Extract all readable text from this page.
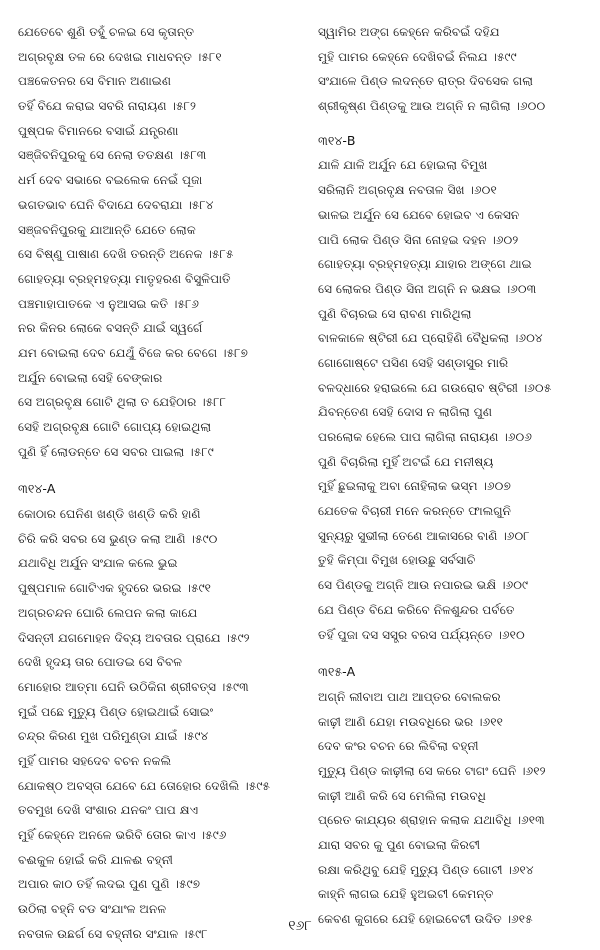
ଯେତେବେ ଶୁଣି ତହୁଁ ଚଳଇ ସେ କୃତାନ୍ତ
ଅଗ୍ରବୃକ୍ଷ ତଳ ରେ ଦେଖଇ ମାଧବନ୍ତ ।୫୮୧
ପଞ୍ଚକେତନର ସେ ବିମାନ ଅଣାଇଣ
ତହିଁ ବିଯେ କରାଇ ସବରି ନାରାୟଣ ।୫୮୨
ପୁଷ୍ପକ ବିମାନରେ ବସାଇଁ ଯନ୍ତ୍ରଣା
ସଞ୍ଜିବନିପୁରକୁ ସେ ନେଲା ତତକ୍ଷଣ ।୫୮୩
ଧର୍ମ ଦେବ ସଭାରେ ବଇଲେକ ନେଇଁ ପୂଜା
ଭଗତଭାବ ଘେନି ବିଦାଯେ ଦେବରାଯା ।୫୮୪
ସଞ୍ଜବନିପୁରକୁ ଯାଆନ୍ତି ଯେତେ ଲୋକ
ସେ ବିଷ୍ଣୁ ପାଷାଣ ଦେଖି ତରନ୍ତି ଅନେକ ।୫୮୫
ଗୋହତ୍ୟା ବ୍ରହ୍ମହତ୍ୟା ମାତୃହରଣ ବିସୁଳିପାତି
ପଞ୍ଚମାହାପାତକେ ଏ ନୁଆସଇ କତି ।୫୮୬
ନର କିନର ଲୋକେ ବସନ୍ତି ଯାଇଁ ସ୍ୱର୍ଗେ
ଯମ ବୋଇଲା ଦେବ ଯେଥୁଁ ବିଜେ କର ବେଗେ ।୫୮୭
ଅର୍ଯୁନ ବୋଇଲା ସେହି ବେଙ୍କାର
ସେ ଅଗ୍ରବୃକ୍ଷ ଗୋଟି ଥିଲା ତ ଯେହିଠାର ।୫୮୮
ସେହି ଅଗ୍ରବୃକ୍ଷ ଗୋଟି ଗୋପ୍ୟ ହୋଇଥିଲା
ପୁଣି ହିଁ ଲୋଡନ୍ତେ ସେ ସବର ପାଇଲା ।୫୮୯
୩୧୪-A
କୋଠାର ଘେନିଣ ଖଣ୍ଡି ଖଣ୍ଡି କରି ହାଣି
ଚିରି କରି ସବର ସେ ଭୁଣ୍ଡ କଲା ଆଣି ।୫୯୦
ଯଥାବିଧି ଅର୍ଯୁନ ସଂଯାଳ କଲେ ଭୁଇ
ପୁଷ୍ପମାଳ ଗୋଟିଏକ ହୃଦରେ ଭରଇ ।୫୯୧
ଅଗ୍ରଚନ୍ଦନ ଘୋରି ଲେପନ କଲା କାଯେ
ଦିସନ୍ତୀ ଯଗମୋହନ ଦିବ୍ୟ ଅବତାର ପ୍ରାଯେ ।୫୯୨
ଦେଖି ହୃଦୟ ତାର ପୋଡଇ ସେ ବିବଳ
ମୋହୋର ଆତ୍ମା ଘେନି ଉଠିକିନା ଶ୍ରୀବତ୍ସ ।୫୯୩
ମୁଇଁ ପଛେ ମୁତ୍ୟୁ ପିଣ୍ଡ ହୋଇଥାଇଁ ସୋଇଂ
ଚନ୍ଦ୍ର କିରଣ ମୁଖ ପରିମୁଣ୍ଡା ଯାଇଁ ।୫୯୪
ମୁହିଁ ପାମର ସହଦେବ ବଚନ ନକଲି
ଯୋକଷ୍ଠ ଅବସ୍ତା ଯେବେ ଯେ ତୋହୋର ଦେଖିଲି ।୫୯୫
ତବମୁଖ ଦେଖି ସଂଶାର ଯନକଂ ପାପ କ୍ଷଏ
ମୁହିଁ କେହ୍ନେ ଅନଳେ ଭରିବି ତୋର କାଏ ।୫୯୬
ବଈକୁଳ ହୋଇଁ କରି ଯାଳଈ ବହ୍ନୀ
ଅପାର କାଠ ତହିଁ ଲଦଇ ପୁଣ ପୁଣି ।୫୯୭
ଉଠିଲା ବହ୍ନି ବଡ ସଂଯାଂଳ ଅନଳ
ନବତାଳ ଉଛର୍ଗ ସେ ବହ୍ନୀର ସଂଯାଳ ।୫୯୮
ସ୍ୱାମିର ଅଙ୍ଗ କେହ୍ନେ କରିବଇଁ ଦହିଯ
ମୁହି ପାମର କେହ୍ନେ ଦେଖିବଇଁ ନିଲଯ ।୫୯୯
ସଂଯାଳେ ପିଣ୍ଡ ଲଦନ୍ତେ ରାତ୍ର ଦିବସେକ ଗଲା
ଶ୍ରୀକୃଷ୍ଣ ପିଣ୍ଡକୁ ଆଉ ଅଗ୍ନି ନ ଲାଗିଲା ।୬୦୦
୩୧୪-B
ଯାଳି ଯାଳି ଅର୍ଯୁନ ଯେ ହୋଇଲା ବିମୁଖ
ସରିଲାନି ଅଗ୍ରବୃକ୍ଷ ନବତାଳ ସିଖ ।୬୦୧
ଭାଳଇ ଅର୍ଯୁନ ସେ ଯେବେ ହୋଇବ ଏ କେସନ
ପାପି ଲୋକ ପିଣ୍ଡ ସିନା ନୋହଇ ଦହନ ।୬୦୨
ଗୋହତ୍ୟା ବ୍ରହ୍ମହତ୍ୟା ଯାହାର ଅଙ୍ଗେ ଥାଇ
ସେ ଲୋକର ପିଣ୍ଡ ସିନା ଅଗ୍ନି ନ ଭକ୍ଷଇ ।୬୦୩
ପୁଣି ବିଚାରଇ ସେ ରାବଣ ମାରିଥିଲା
ବାଳକାଳେ ଷ୍ଟିରୀ ଯେ ପ୍ରୋହିଣି ବୈଧିକଲା ।୬୦୪
ଗୋଗୋଷ୍ଟେ ପସିଣ ସେହି ସଣ୍ଡାସୁର ମାରି
ବଳଦ୍ଧାରେ ହରାଇଲେ ଯେ ଗଉରୋବ ଷ୍ଟିରୀ ।୬୦୫
ଯିବନ୍ତେଣ ସେହି ଦୋସ ନ ଲାଗିଲା ପୁଣ
ପରଲୋକ ହେଲେ ପାପ ଲାଗିଲା ନାରାୟଣ ।୬୦୬
ପୁଣି ବିଚାରିଲା ମୁହିଁ ଅଟଇଁ ଯେ ମନୀଷ୍ୟ
ମୁହିଁ ଛୁଇଲାକୁ ଅବା ନୋହିଲାକ ଭସ୍ମ ।୬୦୭
ଯେତେକ ବିଚାରୀ ମନେ କରନ୍ତେ ଫାଲଗୁନି
ସୁନ୍ୟରୁ ସୁଭୀଲା ତେଣେ ଆକାସରେ ବାଣି ।୬୦୮
ତୁହି କିମ୍ପା ବିମୁଖ ହୋଉଛୁ ସର୍ବସାଚି
ସେ ପିଣ୍ଡକୁ ଅଗ୍ନି ଆଉ ନପାରଇ ଭକ୍ଷି ।୬୦୯
ଯେ ପିଣ୍ଡ ବିଯେ କରିବେ ନିଳଶୁନ୍ଦର ପର୍ବତେ
ତହିଁ ପୁଜା ଦସ ସସ୍ତ୍ର ବରସ ପର୍ଯ୍ୟନ୍ତେ ।୬୧୦
୩୧୫-A
ଅଗ୍ନି ଲୀବାଅ ପାଥ ଆପ୍ତର ବୋଲକର
କାଢ଼ୀ ଆଣି ଯେହା ମଉବଧିରେ ଭର ।୬୧୧
ଦେବ କଂର ବଚନ ରେ ଲିବିଲା ବହ୍ନୀ
ମୁତ୍ୟୁ ପିଣ୍ଡ କାଢ଼ୀଲା ସେ କରେ ଟାଗଂ ଘେନି ।୬୧୨
କାଢ଼ୀ ଆଣି କରି ସେ ମେଲିଲା ମଉବଧି
ପ୍ରେତ କାଯ୍ୟର ଶ୍ରାହାନ କଲାକ ଯଥାବିଧି ।୬୧୩
ଯାରା ସବର କୁ ପୁଣ ବୋଇଲା କିରଟୀ
ରକ୍ଷା କରିଥିବୁ ଯେହି ମୁତ୍ୟୁ ପିଣ୍ଡ ଗୋଟୀ ।୬୧୪
କାହ୍ନି ଲାଗଇ ଯେହି ହୁଅଇଟୀ କେମନ୍ତ
କେବଣ କୁଗରେ ଯେହି ହୋଇବେଟୀ ଉଦିତ ।୬୧୫
୧୬୮
